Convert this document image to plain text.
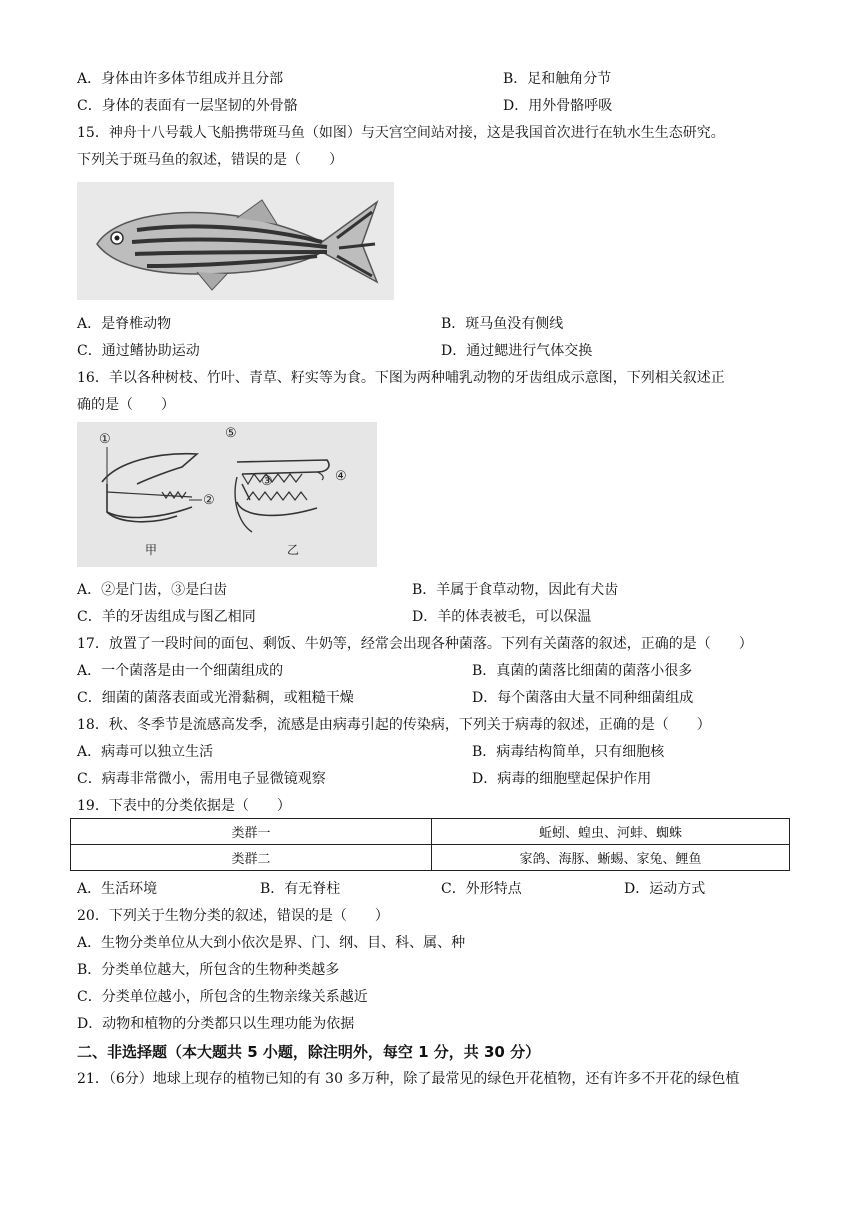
A．身体由许多体节组成并且分部	B．足和触角分节
C．身体的表面有一层坚韧的外骨骼	D．用外骨骼呼吸
15．神舟十八号载人飞船携带斑马鱼（如图）与天宫空间站对接，这是我国首次进行在轨水生生态研究。
下列关于斑马鱼的叙述，错误的是（　　）
A．是脊椎动物	B．斑马鱼没有侧线
C．通过鳍协助运动	D．通过鳃进行气体交换
16．羊以各种树枝、竹叶、青草、籽实等为食。下图为两种哺乳动物的牙齿组成示意图，下列相关叙述正
确的是（　　）
①
②
③	④
⑤
甲	乙
A．②是门齿，③是臼齿	B．羊属于食草动物，因此有犬齿
C．羊的牙齿组成与图乙相同	D．羊的体表被毛，可以保温
17．放置了一段时间的面包、剩饭、牛奶等，经常会出现各种菌落。下列有关菌落的叙述，正确的是（　　）
A．一个菌落是由一个细菌组成的	B．真菌的菌落比细菌的菌落小很多
C．细菌的菌落表面或光滑黏稠，或粗糙干燥	D．每个菌落由大量不同种细菌组成
18．秋、冬季节是流感高发季，流感是由病毒引起的传染病，下列关于病毒的叙述，正确的是（　　）
A．病毒可以独立生活	B．病毒结构简单，只有细胞核
C．病毒非常微小，需用电子显微镜观察	D．病毒的细胞壁起保护作用
19．下表中的分类依据是（　　）
类群一	蚯蚓、蝗虫、河蚌、蜘蛛
类群二	家鸽、海豚、蜥蜴、家兔、鲤鱼
A．生活环境	B．有无脊柱	C．外形特点	D．运动方式
20．下列关于生物分类的叙述，错误的是（　　）
A．生物分类单位从大到小依次是界、门、纲、目、科、属、种
B．分类单位越大，所包含的生物种类越多
C．分类单位越小，所包含的生物亲缘关系越近
D．动物和植物的分类都只以生理功能为依据
二、非选择题（本大题共 5 小题，除注明外，每空 1 分，共 30 分）
21．（6分）地球上现存的植物已知的有 30 多万种，除了最常见的绿色开花植物，还有许多不开花的绿色植
